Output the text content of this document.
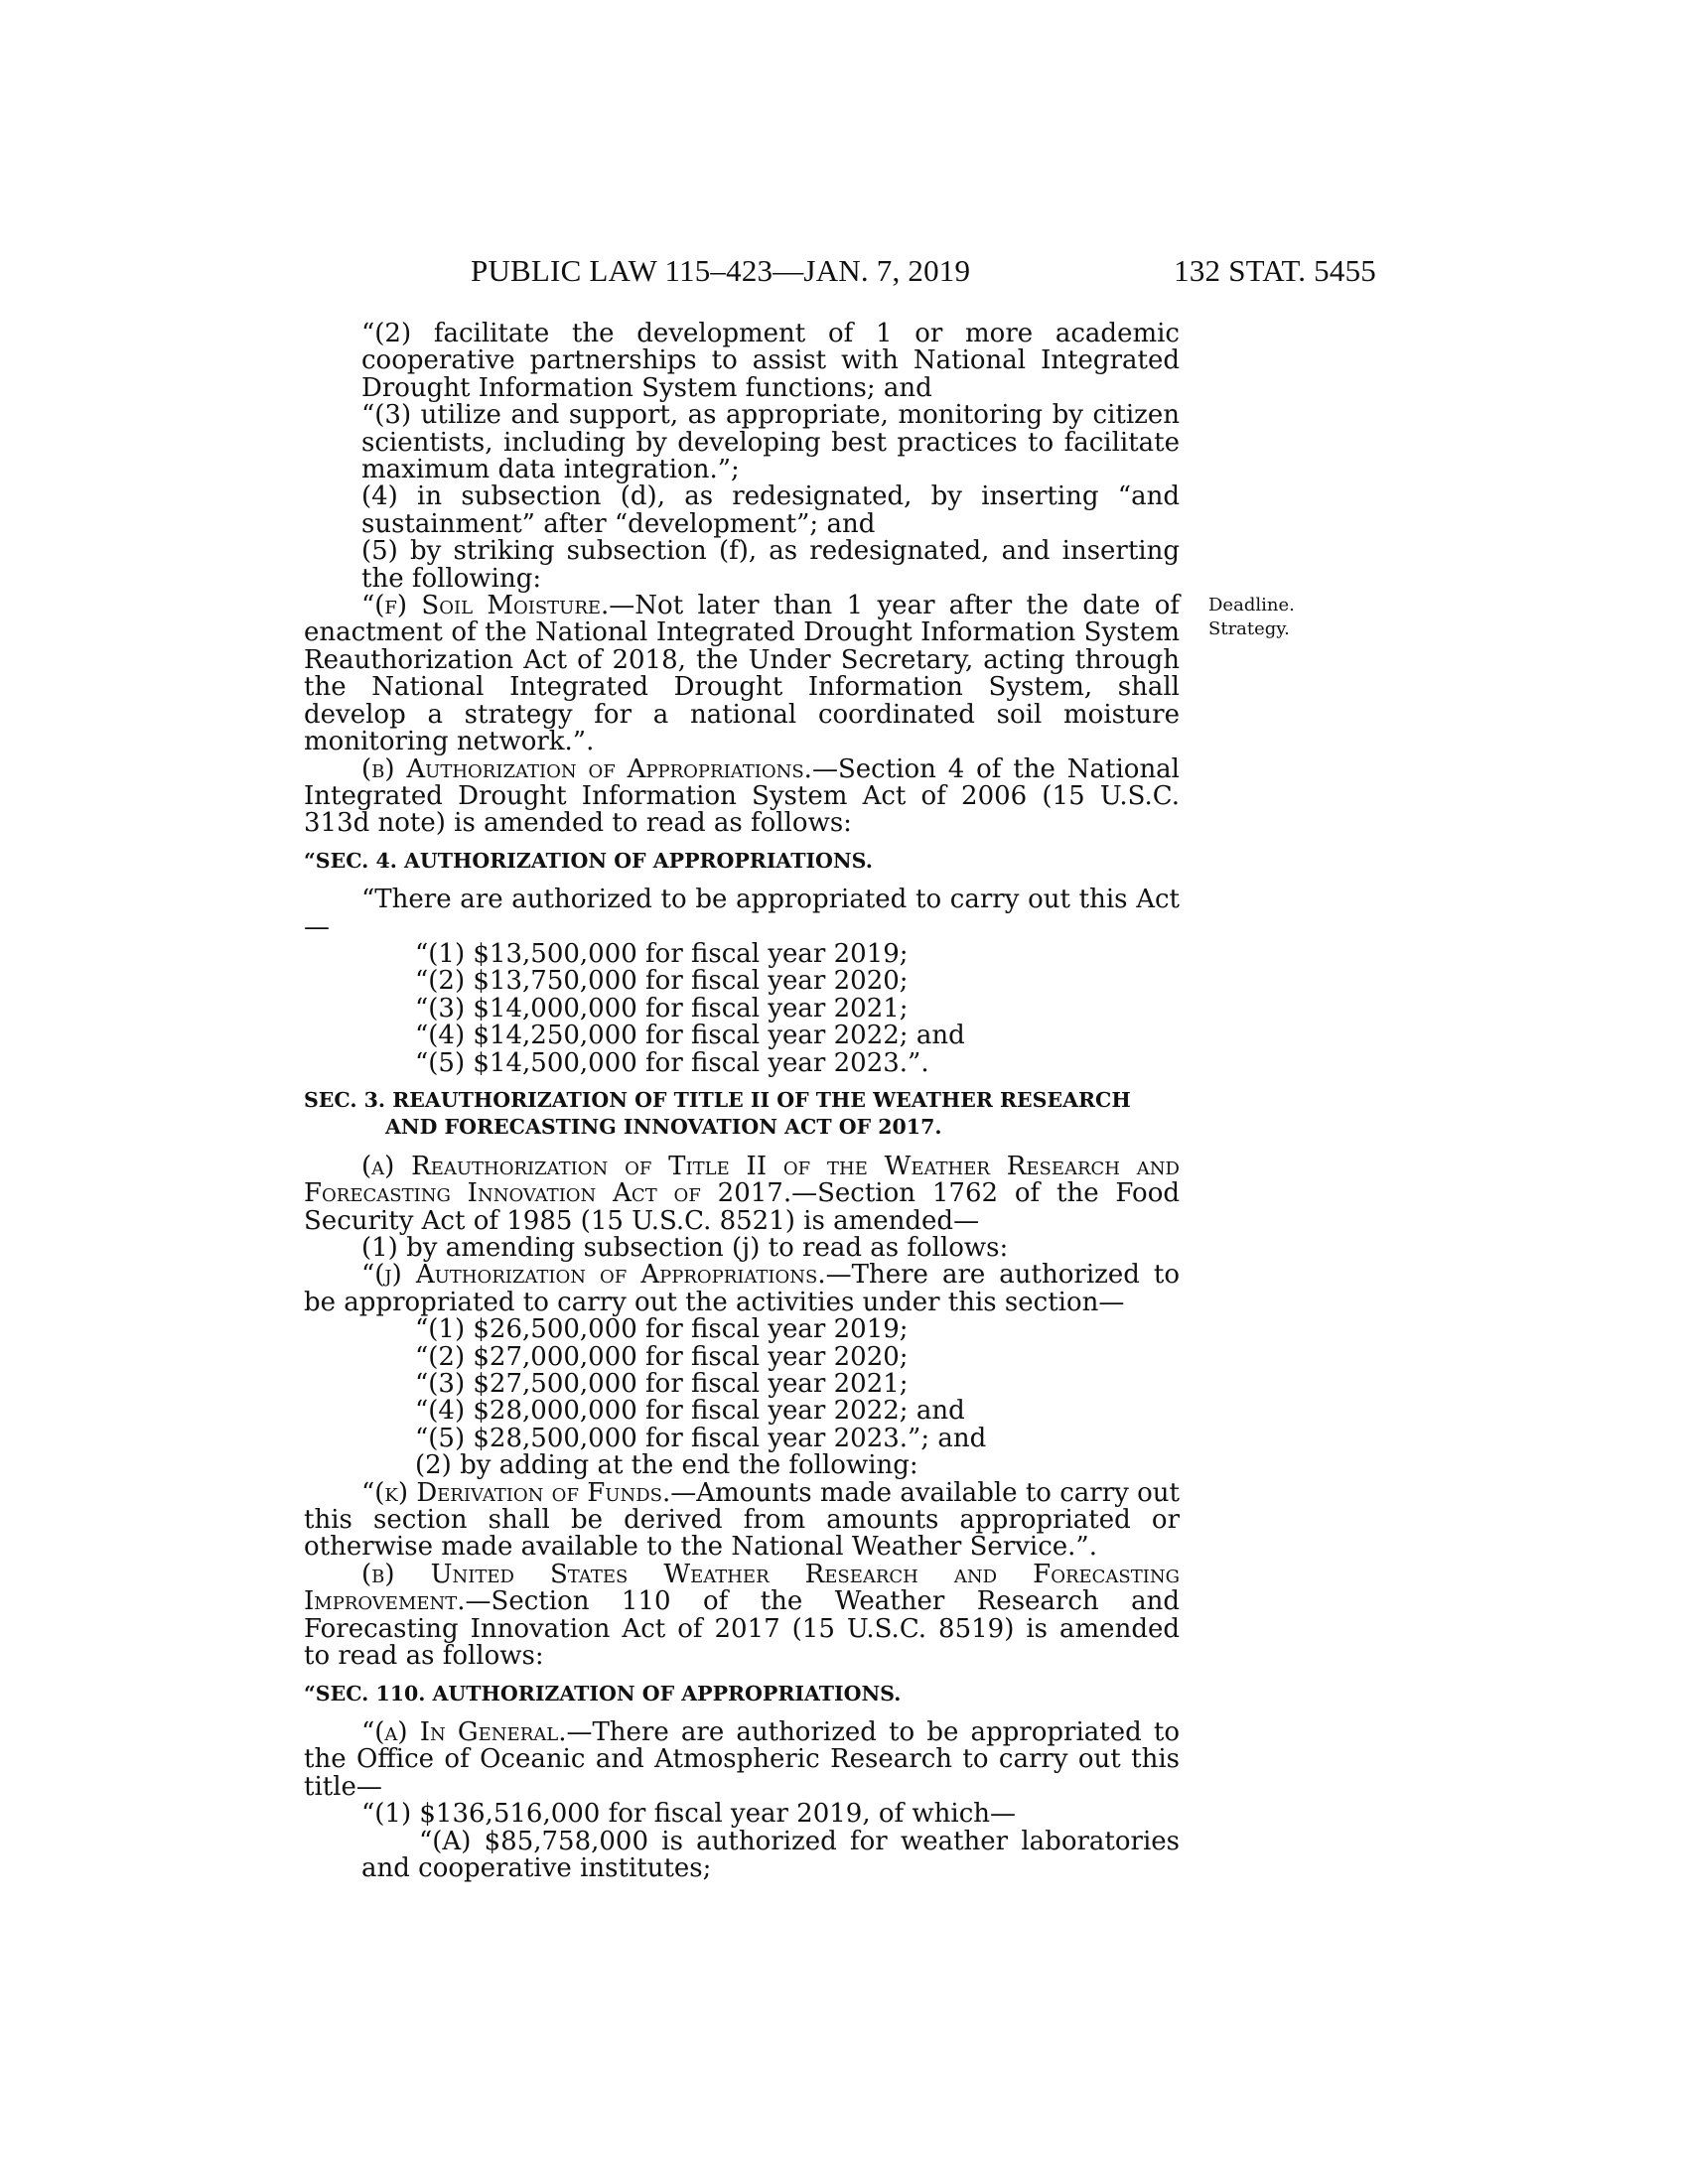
PUBLIC LAW 115–423—JAN. 7, 2019	132 STAT. 5455
Deadline.
Strategy.

“(2) facilitate the development of 1 or more academic cooperative partnerships to assist with National Integrated Drought Information System functions; and

“(3) utilize and support, as appropriate, monitoring by citizen scientists, including by developing best practices to facilitate maximum data integration.”;

(4) in subsection (d), as redesignated, by inserting “and sustainment” after “development”; and

(5) by striking subsection (f), as redesignated, and inserting the following:

“(f) Soil Moisture.—Not later than 1 year after the date of enactment of the National Integrated Drought Information System Reauthorization Act of 2018, the Under Secretary, acting through the National Integrated Drought Information System, shall develop a strategy for a national coordinated soil moisture monitoring network.”.

(b) Authorization of Appropriations.—Section 4 of the National Integrated Drought Information System Act of 2006 (15 U.S.C. 313d note) is amended to read as follows:

“SEC. 4. AUTHORIZATION OF APPROPRIATIONS.

“There are authorized to be appropriated to carry out this Act—

“(1) $13,500,000 for fiscal year 2019;

“(2) $13,750,000 for fiscal year 2020;

“(3) $14,000,000 for fiscal year 2021;

“(4) $14,250,000 for fiscal year 2022; and

“(5) $14,500,000 for fiscal year 2023.”.

SEC. 3. REAUTHORIZATION OF TITLE II OF THE WEATHER RESEARCH AND FORECASTING INNOVATION ACT OF 2017.

(a) Reauthorization of Title II of the Weather Research and Forecasting Innovation Act of 2017.—Section 1762 of the Food Security Act of 1985 (15 U.S.C. 8521) is amended—

(1) by amending subsection (j) to read as follows:

“(j) Authorization of Appropriations.—There are authorized to be appropriated to carry out the activities under this section—

“(1) $26,500,000 for fiscal year 2019;

“(2) $27,000,000 for fiscal year 2020;

“(3) $27,500,000 for fiscal year 2021;

“(4) $28,000,000 for fiscal year 2022; and

“(5) $28,500,000 for fiscal year 2023.”; and

(2) by adding at the end the following:

“(k) Derivation of Funds.—Amounts made available to carry out this section shall be derived from amounts appropriated or otherwise made available to the National Weather Service.”.

(b) United States Weather Research and Forecasting Improvement.—Section 110 of the Weather Research and Forecasting Innovation Act of 2017 (15 U.S.C. 8519) is amended to read as follows:

“SEC. 110. AUTHORIZATION OF APPROPRIATIONS.

“(a) In General.—There are authorized to be appropriated to the Office of Oceanic and Atmospheric Research to carry out this title—

“(1) $136,516,000 for fiscal year 2019, of which—

“(A) $85,758,000 is authorized for weather laboratories and cooperative institutes;
